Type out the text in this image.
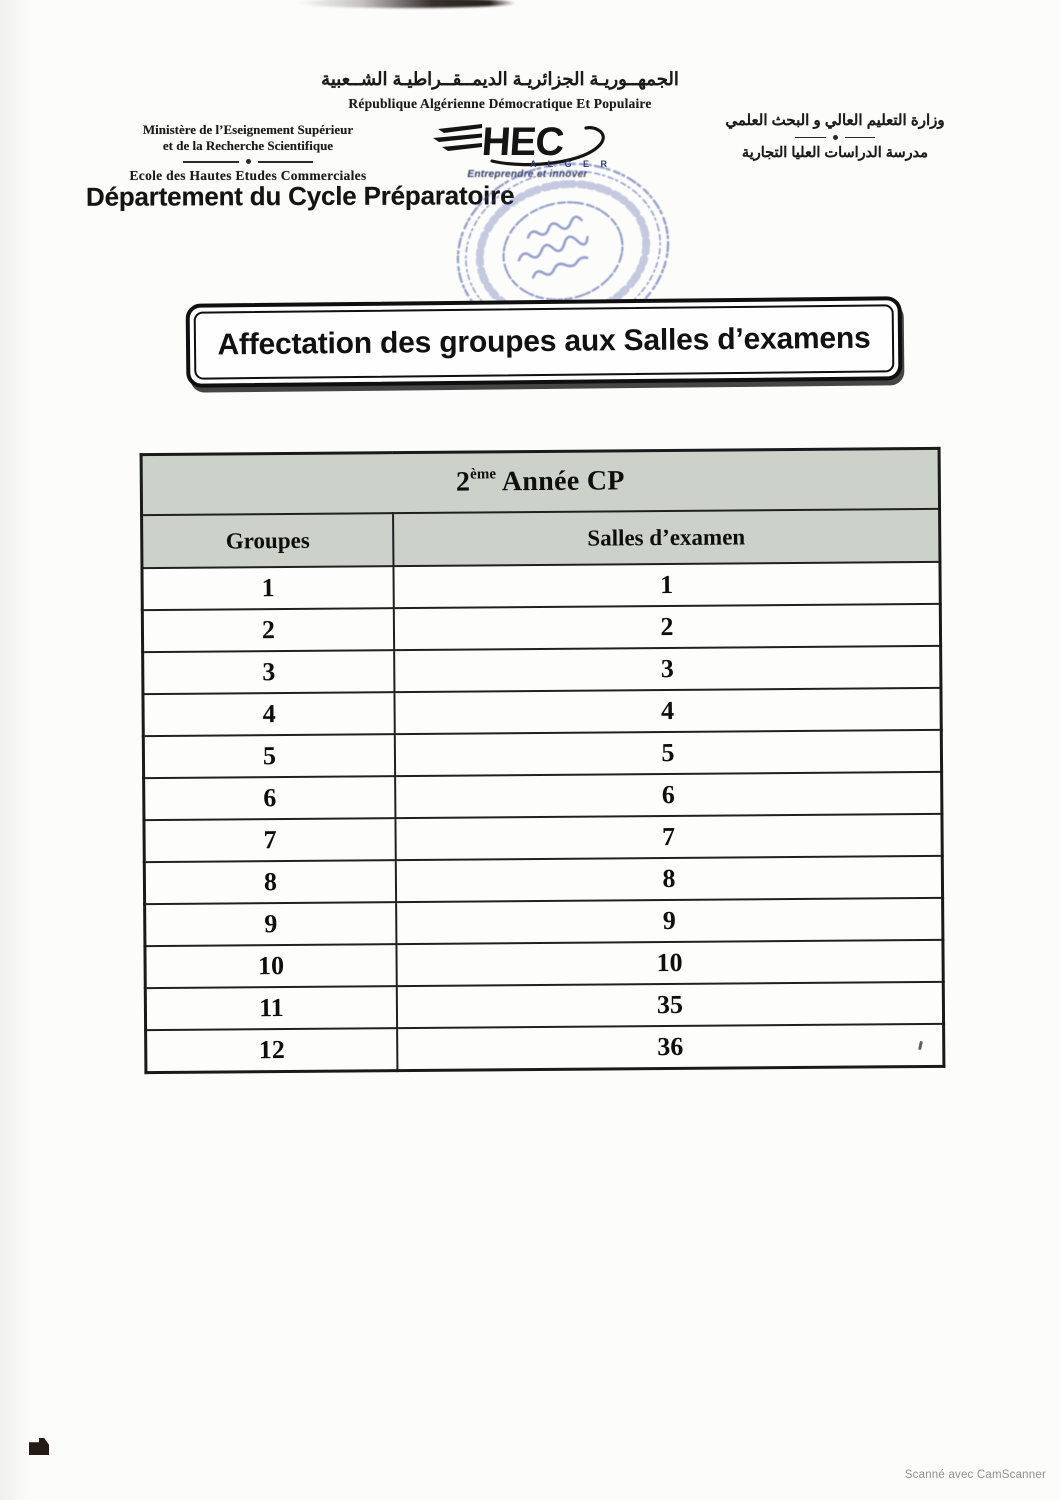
الجمهــوريـة الجزائريـة الديمــقــراطيـة الشــعبية
République Algérienne Démocratique Et Populaire
Ministère de l’Eseignement Supérieur
et de la Recherche Scientifique
Ecole des Hautes Etudes Commerciales
Département du Cycle Préparatoire
HEC
A L G E R
Entreprendre et innover
وزارة التعليم العالي و البحث العلمي
مدرسة الدراسات العليا التجارية
Affectation des groupes aux Salles d’examens
2ème Année CP	
Groupes	Salles d’examen
1	1
2	2
3	3
4	4
5	5
6	6
7	7
8	8
9	9
10	10
11	35
12	36
Scanné avec CamScanner
